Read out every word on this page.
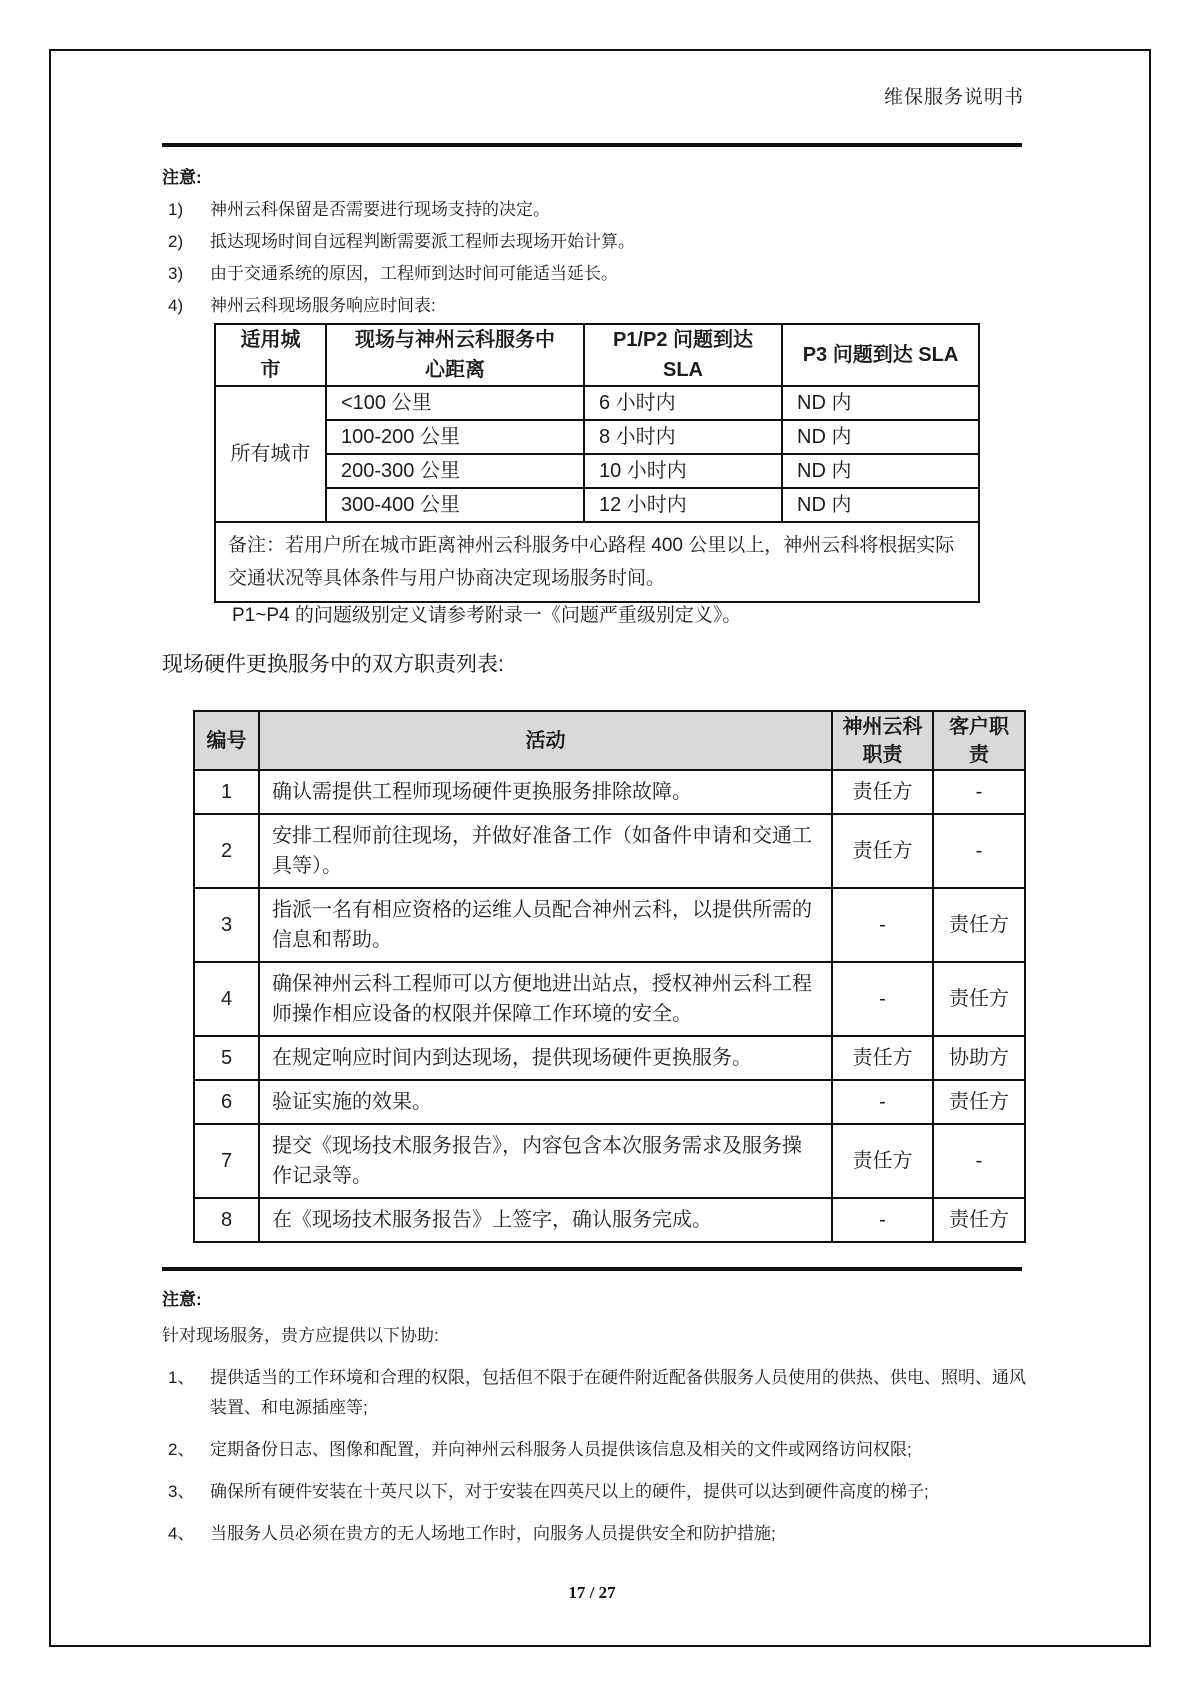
维保服务说明书
注意:
1)	神州云科保留是否需要进行现场支持的决定。
2)	抵达现场时间自远程判断需要派工程师去现场开始计算。
3)	由于交通系统的原因，工程师到达时间可能适当延长。
4)	神州云科现场服务响应时间表:
适用城市	现场与神州云科服务中心距离	P1/P2 问题到达 SLA	P3 问题到达 SLA
所有城市	<100 公里	6 小时内	ND 内
	100-200 公里	8 小时内	ND 内
	200-300 公里	10 小时内	ND 内
	300-400 公里	12 小时内	ND 内
备注：若用户所在城市距离神州云科服务中心路程 400 公里以上，神州云科将根据实际交通状况等具体条件与用户协商决定现场服务时间。			
P1~P4 的问题级别定义请参考附录一《问题严重级别定义》。
现场硬件更换服务中的双方职责列表:
编号	活动	神州云科职责	客户职责
1	确认需提供工程师现场硬件更换服务排除故障。	责任方	-
2	安排工程师前往现场，并做好准备工作（如备件申请和交通工具等）。	责任方	-
3	指派一名有相应资格的运维人员配合神州云科，以提供所需的信息和帮助。	-	责任方
4	确保神州云科工程师可以方便地进出站点，授权神州云科工程师操作相应设备的权限并保障工作环境的安全。	-	责任方
5	在规定响应时间内到达现场，提供现场硬件更换服务。	责任方	协助方
6	验证实施的效果。	-	责任方
7	提交《现场技术服务报告》，内容包含本次服务需求及服务操作记录等。	责任方	-
8	在《现场技术服务报告》上签字，确认服务完成。	-	责任方
注意:
针对现场服务，贵方应提供以下协助:
1、 提供适当的工作环境和合理的权限，包括但不限于在硬件附近配备供服务人员使用的供热、供电、照明、通风装置、和电源插座等;
2、 定期备份日志、图像和配置，并向神州云科服务人员提供该信息及相关的文件或网络访问权限;
3、 确保所有硬件安装在十英尺以下，对于安装在四英尺以上的硬件，提供可以达到硬件高度的梯子;
4、 当服务人员必须在贵方的无人场地工作时，向服务人员提供安全和防护措施;
17 / 27
